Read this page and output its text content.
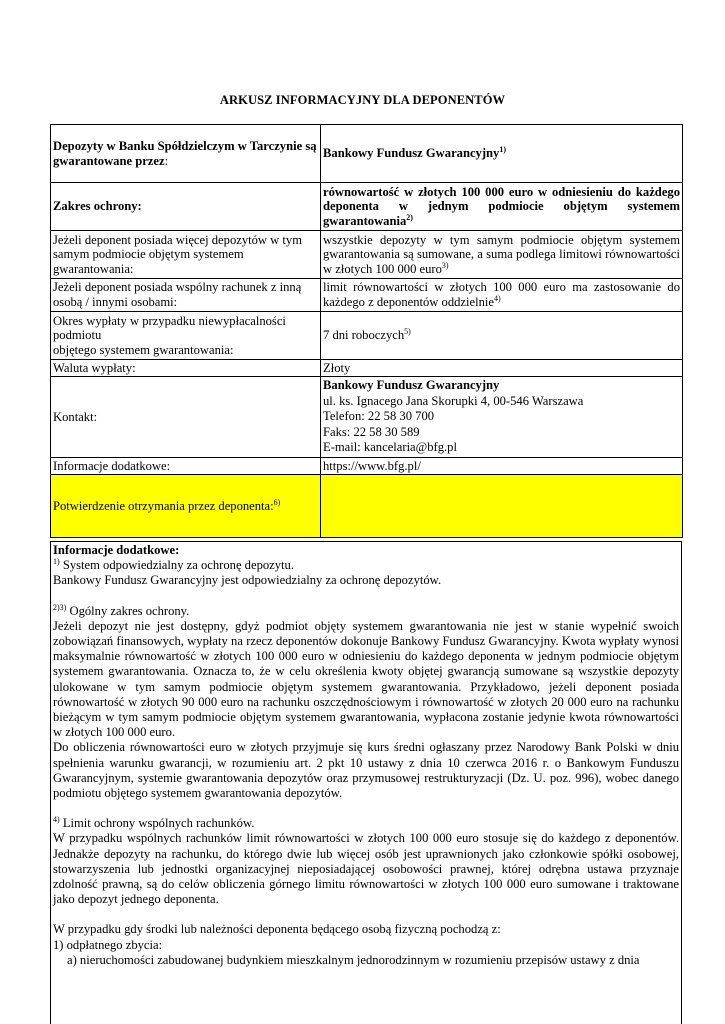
ARKUSZ INFORMACYJNY DLA DEPONENTÓW
Depozyty w Banku Spółdzielczym w Tarczynie są gwarantowane przez:	Bankowy Fundusz Gwarancyjny$^{1)}$
Zakres ochrony:	równowartość w złotych 100 000 euro w odniesieniu do każdego deponenta w jednym podmiocie objętym systemem gwarantowania$^{2)}$
Jeżeli deponent posiada więcej depozytów w tym samym podmiocie objętym systemem gwarantowania:	wszystkie depozyty w tym samym podmiocie objętym systemem gwarantowania są sumowane, a suma podlega limitowi równowartości w złotych 100 000 euro$^{3)}$
Jeżeli deponent posiada wspólny rachunek z inną osobą / innymi osobami:	limit równowartości w złotych 100 000 euro ma zastosowanie do każdego z deponentów oddzielnie$^{4)}$
Okres wypłaty w przypadku niewypłacalności podmiotu
objętego systemem gwarantowania:	7 dni roboczych$^{5)}$
Waluta wypłaty:	Złoty
Kontakt:	Bankowy Fundusz Gwarancyjny
ul. ks. Ignacego Jana Skorupki 4, 00-546 Warszawa
Telefon: 22 58 30 700
Faks: 22 58 30 589
E-mail: kancelaria@bfg.pl

Informacje dodatkowe:	https://www.bfg.pl/
Potwierdzenie otrzymania przez deponenta:$^{6)}$	

Informacje dodatkowe:

$^{1)}$ System odpowiedzialny za ochronę depozytu.

Bankowy Fundusz Gwarancyjny jest odpowiedzialny za ochronę depozytów.

$^{2)3)}$ Ogólny zakres ochrony.

Jeżeli depozyt nie jest dostępny, gdyż podmiot objęty systemem gwarantowania nie jest w stanie wypełnić swoich zobowiązań finansowych, wypłaty na rzecz deponentów dokonuje Bankowy Fundusz Gwarancyjny. Kwota wypłaty wynosi maksymalnie równowartość w złotych 100 000 euro w odniesieniu do każdego deponenta w jednym podmiocie objętym systemem gwarantowania. Oznacza to, że w celu określenia kwoty objętej gwarancją sumowane są wszystkie depozyty ulokowane w tym samym podmiocie objętym systemem gwarantowania. Przykładowo, jeżeli deponent posiada równowartość w złotych 90 000 euro na rachunku oszczędnościowym i równowartość w złotych 20 000 euro na rachunku bieżącym w tym samym podmiocie objętym systemem gwarantowania, wypłacona zostanie jedynie kwota równowartości w złotych 100 000 euro.

Do obliczenia równowartości euro w złotych przyjmuje się kurs średni ogłaszany przez Narodowy Bank Polski w dniu spełnienia warunku gwarancji, w rozumieniu art. 2 pkt 10 ustawy z dnia 10 czerwca 2016 r. o Bankowym Funduszu Gwarancyjnym, systemie gwarantowania depozytów oraz przymusowej restrukturyzacji (Dz. U. poz. 996), wobec danego podmiotu objętego systemem gwarantowania depozytów.

$^{4)}$ Limit ochrony wspólnych rachunków.

W przypadku wspólnych rachunków limit równowartości w złotych 100 000 euro stosuje się do każdego z deponentów. Jednakże depozyty na rachunku, do którego dwie lub więcej osób jest uprawnionych jako członkowie spółki osobowej, stowarzyszenia lub jednostki organizacyjnej nieposiadającej osobowości prawnej, której odrębna ustawa przyznaje zdolność prawną, są do celów obliczenia górnego limitu równowartości w złotych 100 000 euro sumowane i traktowane jako depozyt jednego deponenta.

W przypadku gdy środki lub należności deponenta będącego osobą fizyczną pochodzą z:

1) odpłatnego zbycia:

a) nieruchomości zabudowanej budynkiem mieszkalnym jednorodzinnym w rozumieniu przepisów ustawy z dnia
